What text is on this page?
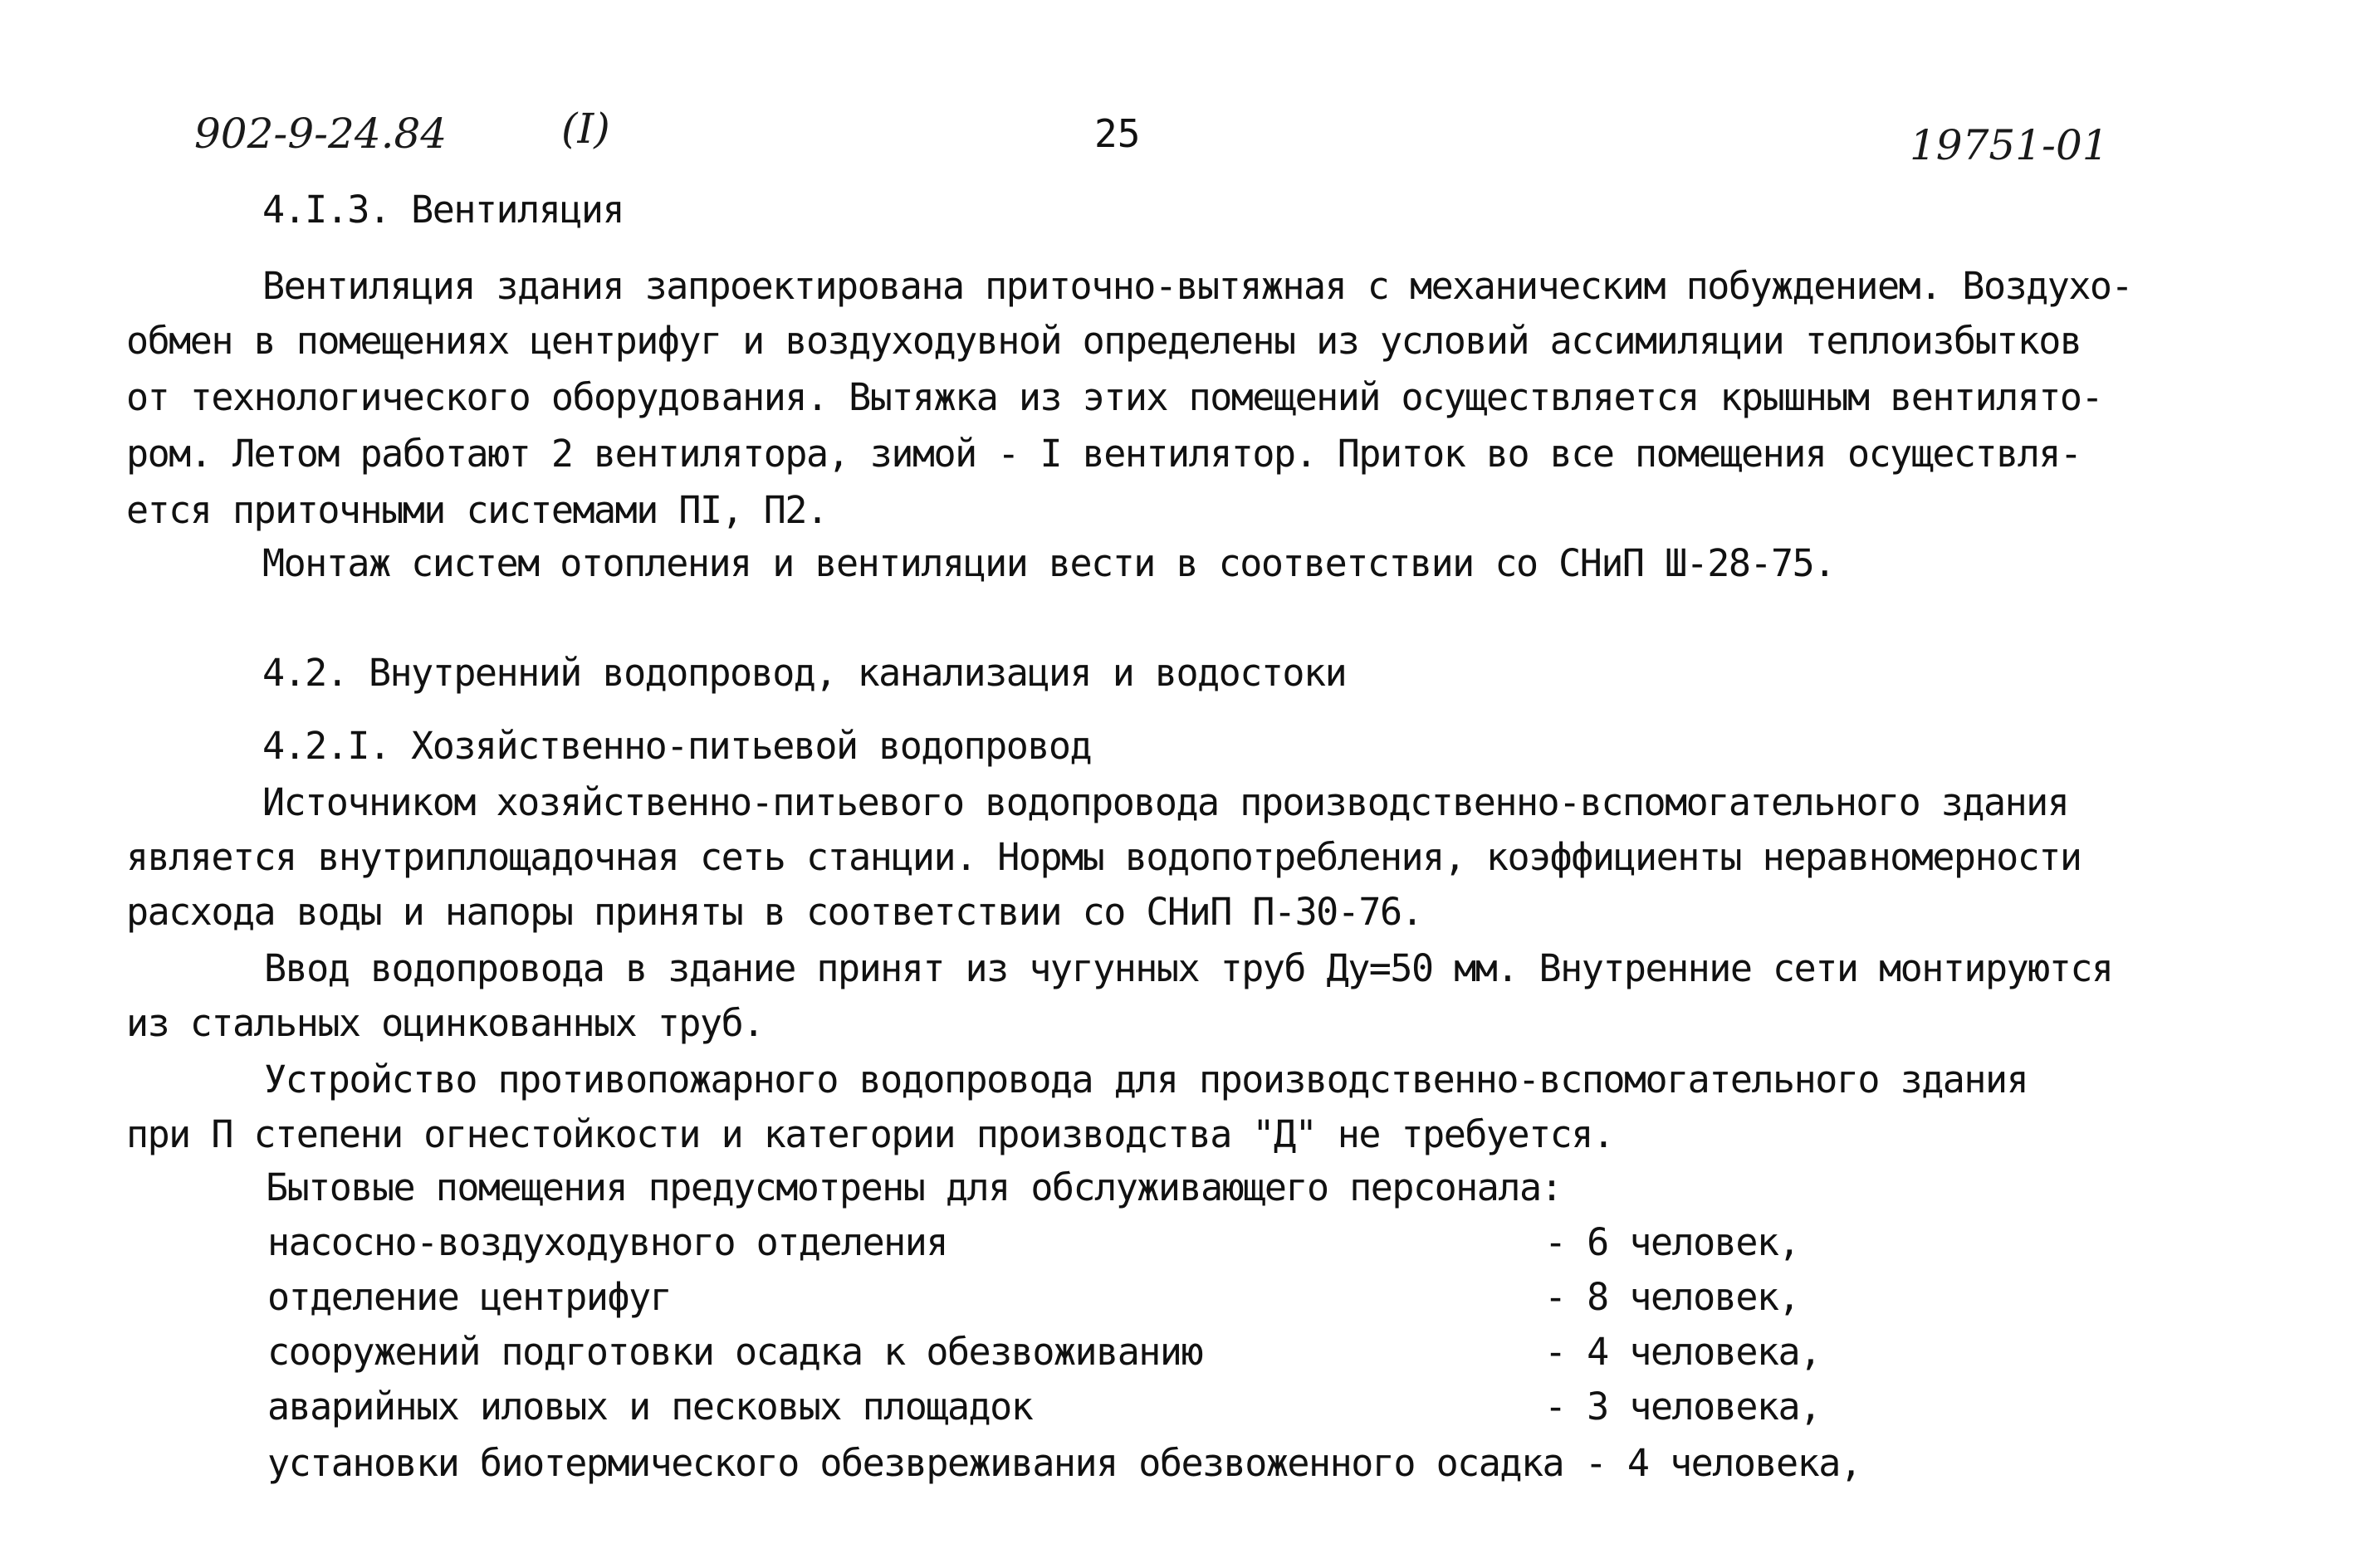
902-9-24.84	(I)	25	19751-01
4.I.3. Вентиляция
Вентиляция здания запроектирована приточно-вытяжная с механическим побуждением. Воздухо-
обмен в помещениях центрифуг и воздуходувной определены из условий ассимиляции теплоизбытков
от технологического оборудования. Вытяжка из этих помещений осуществляется крышным вентилято-
ром. Летом работают 2 вентилятора, зимой - I вентилятор. Приток во все помещения осуществля-
ется приточными системами ПI, П2.
Монтаж систем отопления и вентиляции вести в соответствии со СНиП Ш-28-75.
4.2. Внутренний водопровод, канализация и водостоки
4.2.I. Хозяйственно-питьевой водопровод
Источником хозяйственно-питьевого водопровода производственно-вспомогательного здания
является внутриплощадочная сеть станции. Нормы водопотребления, коэффициенты неравномерности
расхода воды и напоры приняты в соответствии со СНиП П-30-76.
Ввод водопровода в здание принят из чугунных труб Ду=50 мм. Внутренние сети монтируются
из стальных оцинкованных труб.
Устройство противопожарного водопровода для производственно-вспомогательного здания
при П степени огнестойкости и категории производства "Д" не требуется.
Бытовые помещения предусмотрены для обслуживающего персонала:
насосно-воздуходувного отделения	- 6 человек,
отделение центрифуг	- 8 человек,
сооружений подготовки осадка к обезвоживанию	- 4 человека,
аварийных иловых и песковых площадок	- 3 человека,
установки биотермического обезвреживания обезвоженного осадка - 4 человека,
